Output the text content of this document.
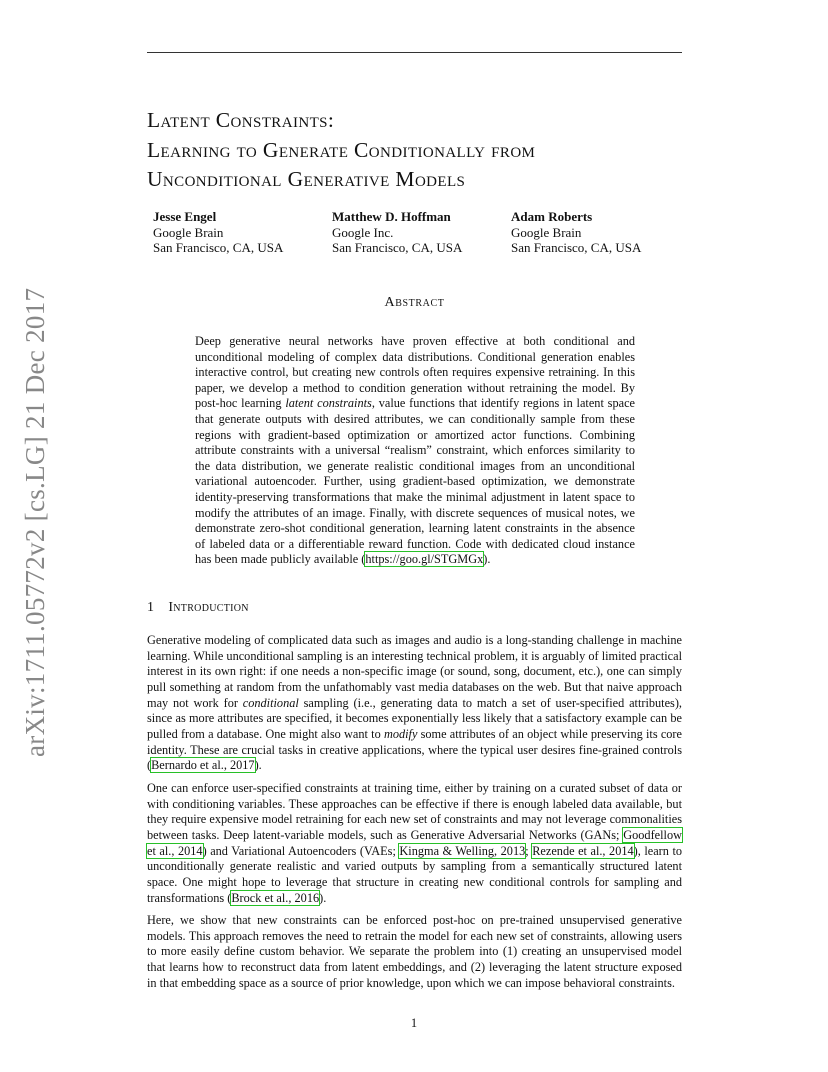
arXiv:1711.05772v2 [cs.LG] 21 Dec 2017
Latent Constraints:
Learning to Generate Conditionally from
Unconditional Generative Models
Jesse Engel
Google Brain
San Francisco, CA, USA
Matthew D. Hoffman
Google Inc.
San Francisco, CA, USA
Adam Roberts
Google Brain
San Francisco, CA, USA
Abstract
Deep generative neural networks have proven effective at both conditional and unconditional modeling of complex data distributions. Conditional generation enables interactive control, but creating new controls often requires expensive retraining. In this paper, we develop a method to condition generation without retraining the model. By post-hoc learning latent constraints, value functions that identify regions in latent space that generate outputs with desired attributes, we can conditionally sample from these regions with gradient-based optimization or amortized actor functions. Combining attribute constraints with a universal “realism” constraint, which enforces similarity to the data distribution, we generate realistic conditional images from an unconditional variational autoencoder. Further, using gradient-based optimization, we demonstrate identity-preserving transformations that make the minimal adjustment in latent space to modify the attributes of an image. Finally, with discrete sequences of musical notes, we demonstrate zero-shot conditional generation, learning latent constraints in the absence of labeled data or a differentiable reward function. Code with dedicated cloud instance has been made publicly available (https://goo.gl/STGMGx).
1 Introduction

Generative modeling of complicated data such as images and audio is a long-standing challenge in machine learning. While unconditional sampling is an interesting technical problem, it is arguably of limited practical interest in its own right: if one needs a non-specific image (or sound, song, document, etc.), one can simply pull something at random from the unfathomably vast media databases on the web. But that naive approach may not work for conditional sampling (i.e., generating data to match a set of user-specified attributes), since as more attributes are specified, it becomes exponentially less likely that a satisfactory example can be pulled from a database. One might also want to modify some attributes of an object while preserving its core identity. These are crucial tasks in creative applications, where the typical user desires fine-grained controls (Bernardo et al., 2017).

One can enforce user-specified constraints at training time, either by training on a curated subset of data or with conditioning variables. These approaches can be effective if there is enough labeled data available, but they require expensive model retraining for each new set of constraints and may not leverage commonalities between tasks. Deep latent-variable models, such as Generative Adversarial Networks (GANs; Goodfellow et al., 2014) and Variational Autoencoders (VAEs; Kingma & Welling, 2013; Rezende et al., 2014), learn to unconditionally generate realistic and varied outputs by sampling from a semantically structured latent space. One might hope to leverage that structure in creating new conditional controls for sampling and transformations (Brock et al., 2016).

Here, we show that new constraints can be enforced post-hoc on pre-trained unsupervised generative models. This approach removes the need to retrain the model for each new set of constraints, allowing users to more easily define custom behavior. We separate the problem into (1) creating an unsupervised model that learns how to reconstruct data from latent embeddings, and (2) leveraging the latent structure exposed in that embedding space as a source of prior knowledge, upon which we can impose behavioral constraints.

1
